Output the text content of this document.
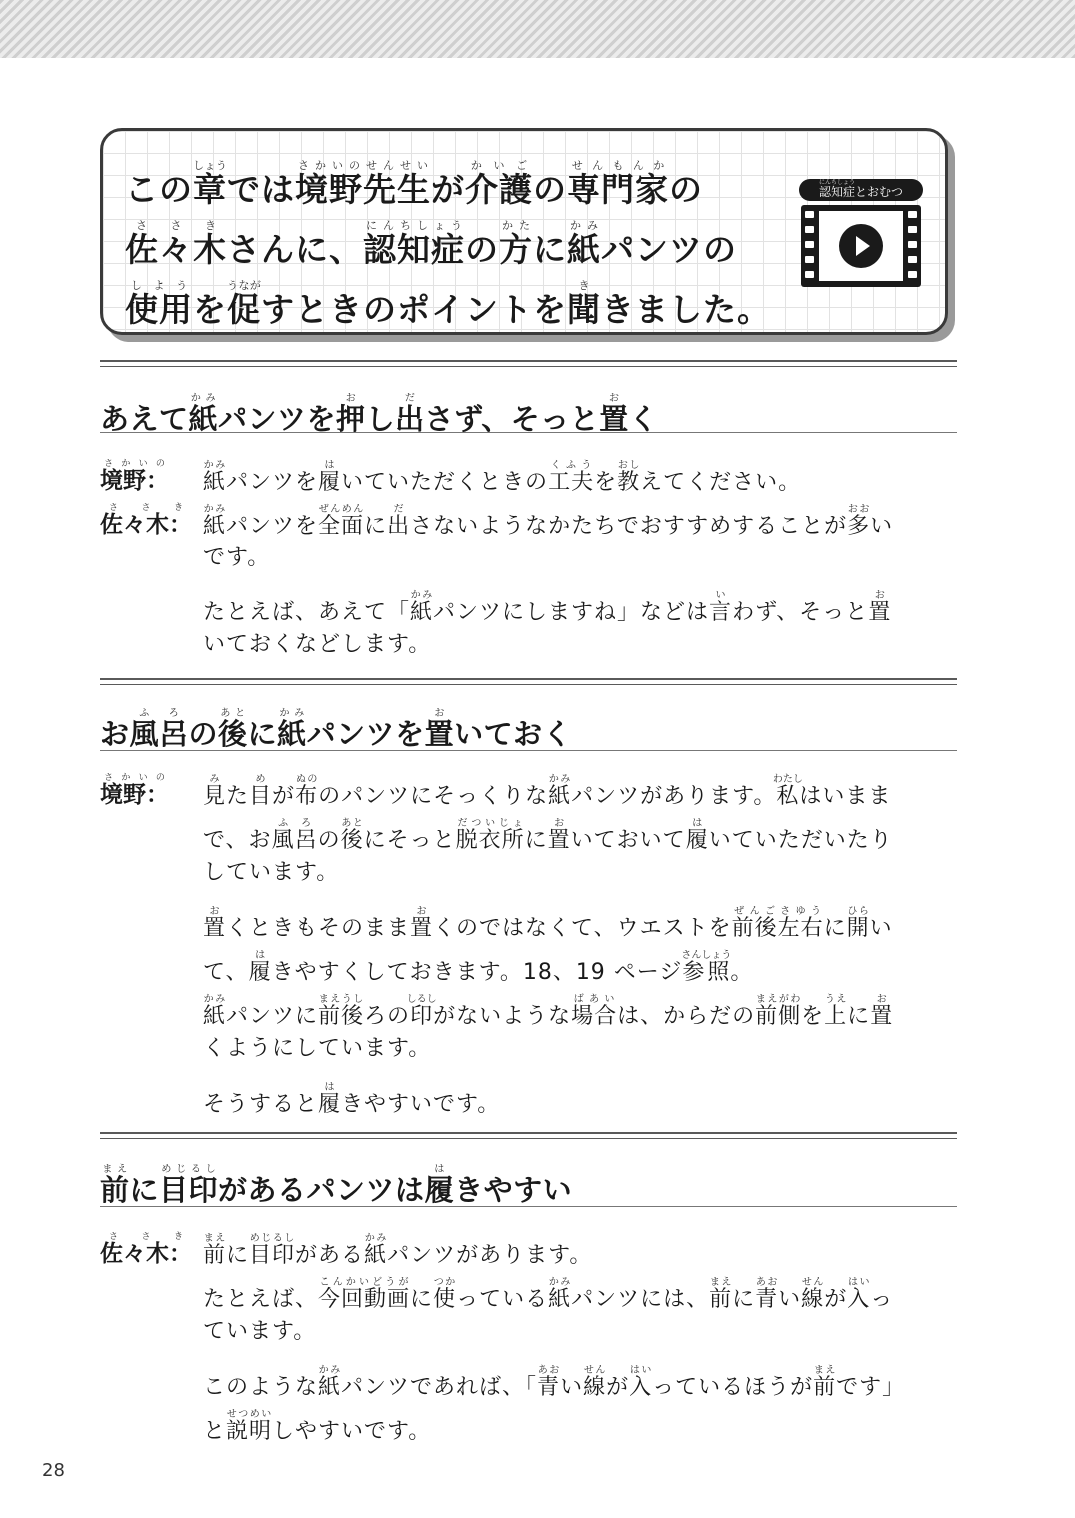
この章しょうでは境野さかいの先生せんせいが介護かいごの専門家せんもんかの
佐々木ささきさんに、認知症にんちしょうの方かたに紙かみパンツの
使用しようを促うながすときのポイントを聞ききました。
認知症にんちしょうとおむつ
あえて紙かみパンツを押おし出ださず、そっと置おく
境野：さかいの
紙かみパンツを履はいていただくときの工夫くふうを教おしえてください。
佐々木：ささき
紙かみパンツを全面ぜんめんに出ださないようなかたちでおすすめすることが多おおい
です。
たとえば、あえて「紙かみパンツにしますね」などは言いわず、そっと置お
いておくなどします。
お風呂ふろの後あとに紙かみパンツを置おいておく
境野：さかいの
見みた目めが布ぬののパンツにそっくりな紙かみパンツがあります。私わたしはいまま
で、お風呂ふろの後あとにそっと脱衣所だついじょに置おいておいて履はいていただいたり
しています。
置おくときもそのまま置おくのではなくて、ウエストを前後左右ぜんごさゆうに開ひらい
て、履はきやすくしておきます。18、19 ページ参照さんしょう。
紙かみパンツに前後まえうしろの印しるしがないような場合ばあいは、からだの前側まえがわを上うえに置お
くようにしています。
そうすると履はきやすいです。
前まえに目印めじるしがあるパンツは履はきやすい
佐々木：ささき
前まえに目印めじるしがある紙かみパンツがあります。
たとえば、今回動画こんかいどうがに使つかっている紙かみパンツには、前まえに青あおい線せんが入はいっ
ています。
このような紙かみパンツであれば、「青あおい線せんが入はいっているほうが前まえです」
と説明せつめいしやすいです。
28
